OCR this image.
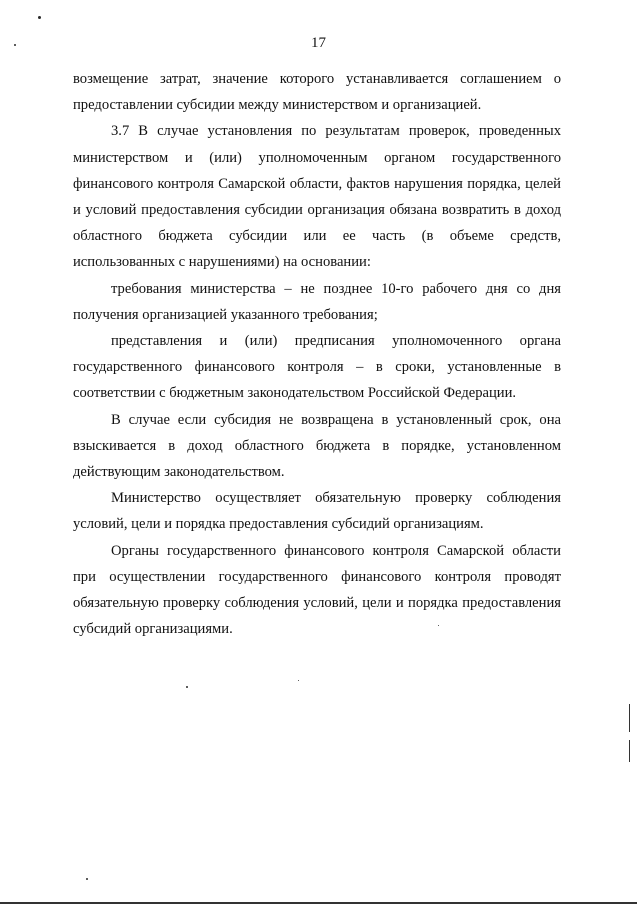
17

возмещение затрат, значение которого устанавливается соглашением о предоставлении субсидии между министерством и организацией.

3.7 В случае установления по результатам проверок, проведенных министерством и (или) уполномоченным органом государственного финансового контроля Самарской области, фактов нарушения порядка, целей и условий предоставления субсидии организация обязана возвратить в доход областного бюджета субсидии или ее часть (в объеме средств, использованных с нарушениями) на основании:

требования министерства – не позднее 10-го рабочего дня со дня получения организацией указанного требования;

представления и (или) предписания уполномоченного органа государственного финансового контроля – в сроки, установленные в соответствии с бюджетным законодательством Российской Федерации.

В случае если субсидия не возвращена в установленный срок, она взыскивается в доход областного бюджета в порядке, установленном действующим законодательством.

Министерство осуществляет обязательную проверку соблюдения условий, цели и порядка предоставления субсидий организациям.

Органы государственного финансового контроля Самарской области при осуществлении государственного финансового контроля проводят обязательную проверку соблюдения условий, цели и порядка предоставления субсидий организациями.
